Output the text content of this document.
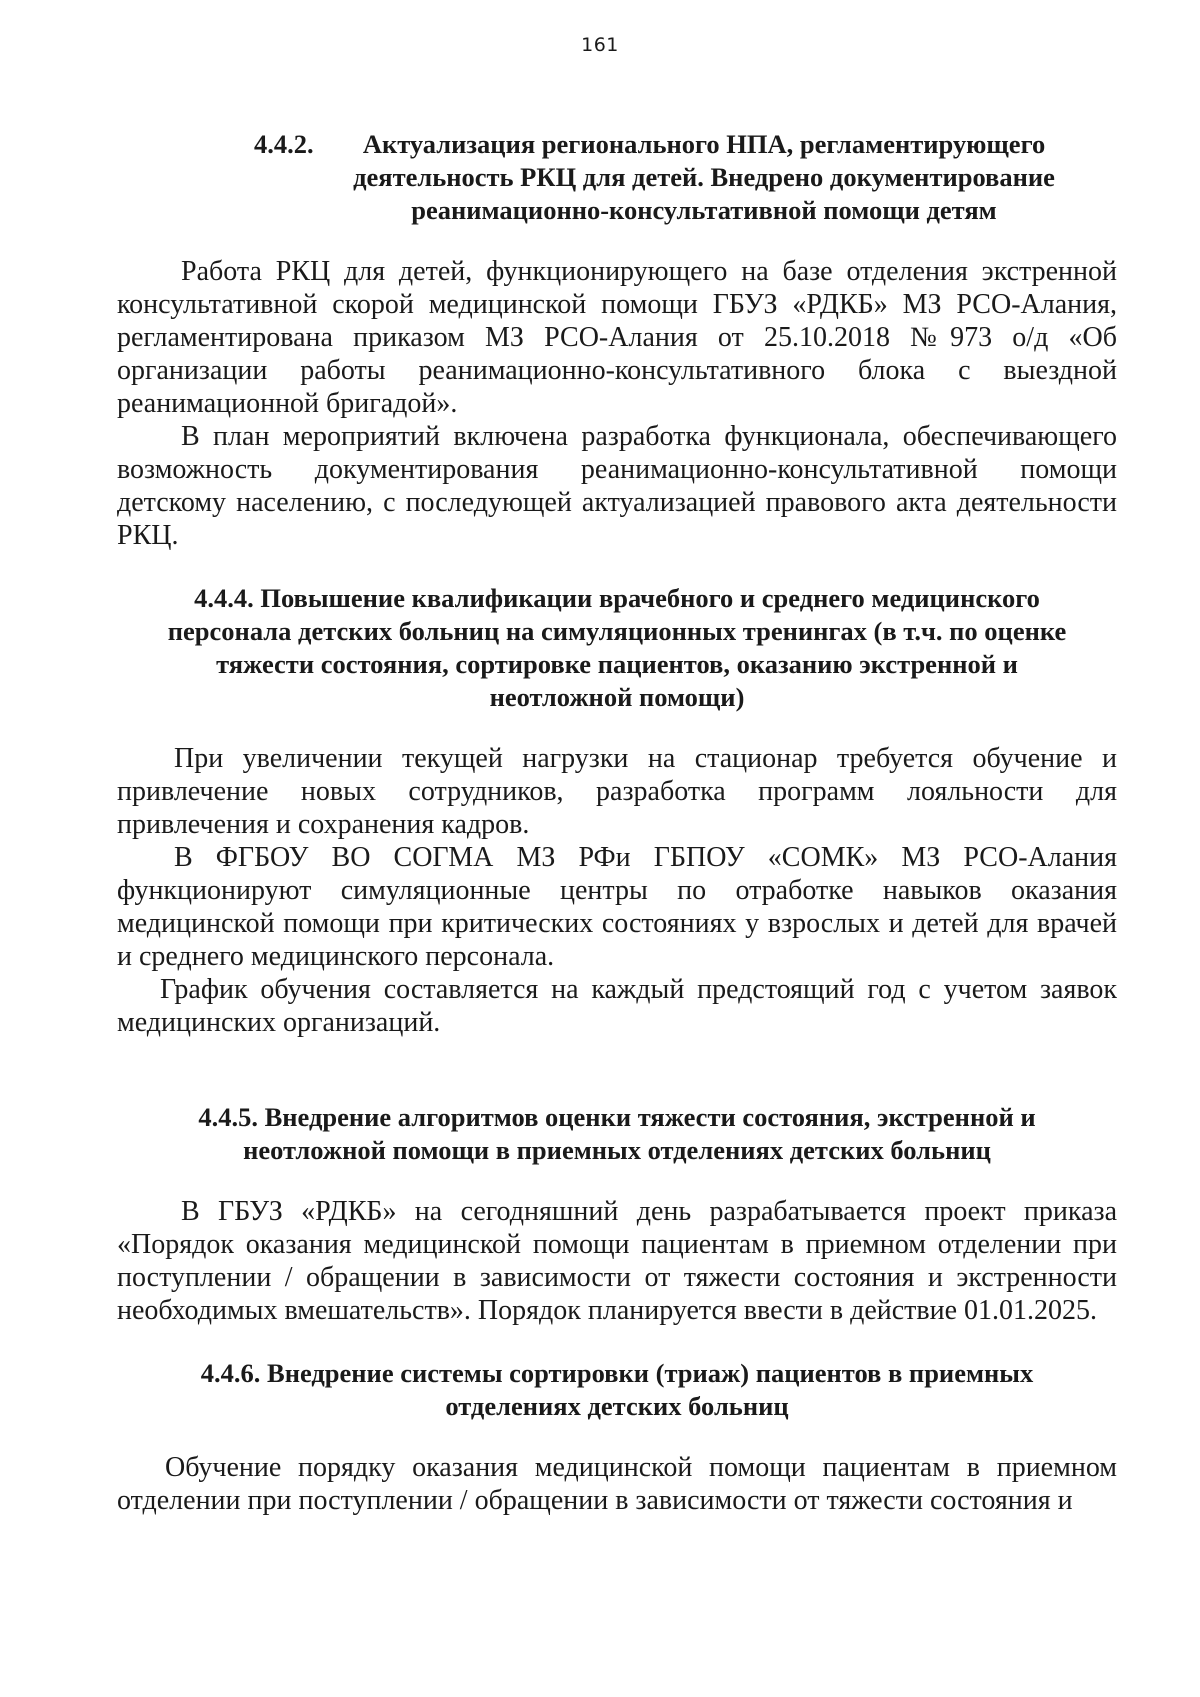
161
4.4.2.	Актуализация регионального НПА, регламентирующего деятельность РКЦ для детей. Внедрено документирование реанимационно-консультативной помощи детям

Работа РКЦ для детей, функционирующего на базе отделения экстренной консультативной скорой медицинской помощи ГБУЗ «РДКБ» МЗ РСО-Алания, регламентирована приказом МЗ РСО-Алания от 25.10.2018 №973 о/д «Об организации работы реанимационно-консультативного блока с выездной реанимационной бригадой».

В план мероприятий включена разработка функционала, обеспечивающего возможность документирования реанимационно-консультативной помощи детскому населению, с последующей актуализацией правового акта деятельности РКЦ.

4.4.4. Повышение квалификации врачебного и среднего медицинского персонала детских больниц на симуляционных тренингах (в т.ч. по оценке тяжести состояния, сортировке пациентов, оказанию экстренной и неотложной помощи)

При увеличении текущей нагрузки на стационар требуется обучение и привлечение новых сотрудников, разработка программ лояльности для привлечения и сохранения кадров.

В ФГБОУ ВО СОГМА МЗ РФи ГБПОУ «СОМК» МЗ РСО-Алания функционируют симуляционные центры по отработке навыков оказания медицинской помощи при критических состояниях у взрослых и детей для врачей и среднего медицинского персонала.

График обучения составляется на каждый предстоящий год с учетом заявок медицинских организаций.

4.4.5. Внедрение алгоритмов оценки тяжести состояния, экстренной и неотложной помощи в приемных отделениях детских больниц

В ГБУЗ «РДКБ» на сегодняшний день разрабатывается проект приказа «Порядок оказания медицинской помощи пациентам в приемном отделении при поступлении / обращении в зависимости от тяжести состояния и экстренности необходимых вмешательств». Порядок планируется ввести в действие 01.01.2025.

4.4.6. Внедрение системы сортировки (триаж) пациентов в приемных отделениях детских больниц

Обучение порядку оказания медицинской помощи пациентам в приемном отделении при поступлении / обращении в зависимости от тяжести состояния и
